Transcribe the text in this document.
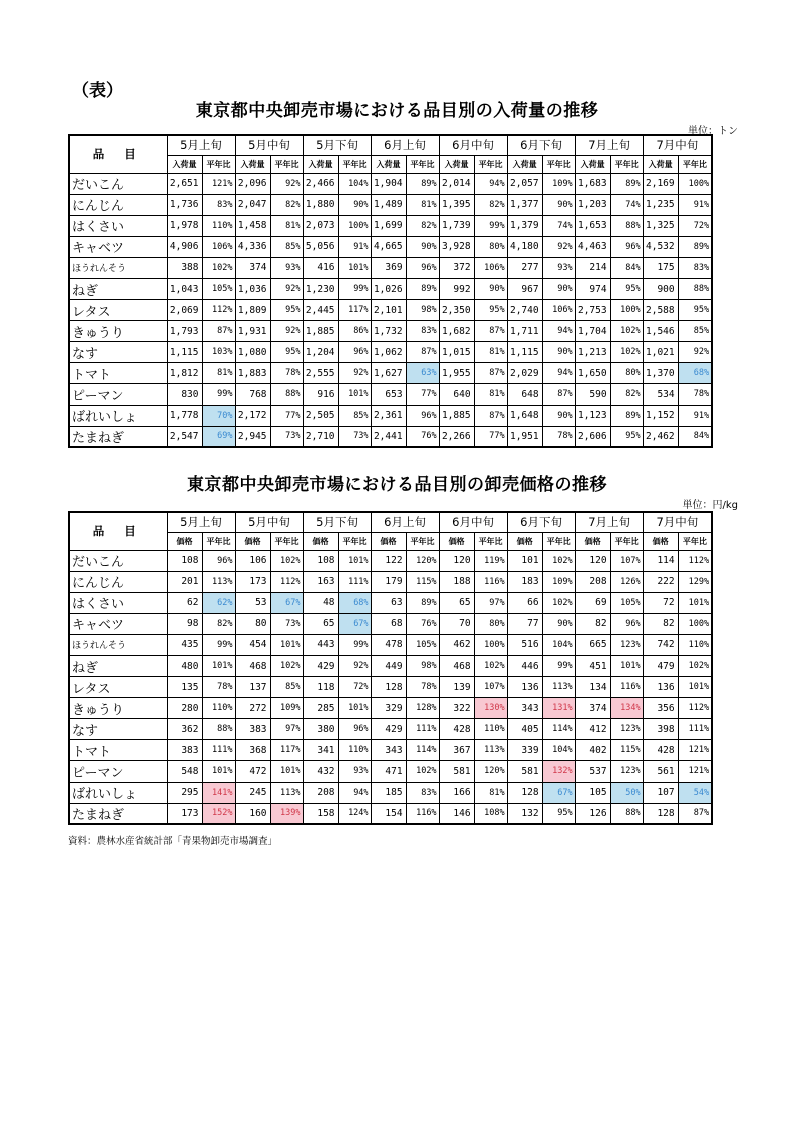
（表）
東京都中央卸売市場における品目別の入荷量の推移
単位：トン
品 目	5月上旬		5月中旬		5月下旬		6月上旬		6月中旬		6月下旬		7月上旬		7月中旬	
	入荷量	平年比	入荷量	平年比	入荷量	平年比	入荷量	平年比	入荷量	平年比	入荷量	平年比	入荷量	平年比	入荷量	平年比
だいこん	2,651	121%	2,096	92%	2,466	104%	1,904	89%	2,014	94%	2,057	109%	1,683	89%	2,169	100%
にんじん	1,736	83%	2,047	82%	1,880	90%	1,489	81%	1,395	82%	1,377	90%	1,203	74%	1,235	91%
はくさい	1,978	110%	1,458	81%	2,073	100%	1,699	82%	1,739	99%	1,379	74%	1,653	88%	1,325	72%
キャベツ	4,906	106%	4,336	85%	5,056	91%	4,665	90%	3,928	80%	4,180	92%	4,463	96%	4,532	89%
ほうれんそう	388	102%	374	93%	416	101%	369	96%	372	106%	277	93%	214	84%	175	83%
ねぎ	1,043	105%	1,036	92%	1,230	99%	1,026	89%	992	90%	967	90%	974	95%	900	88%
レタス	2,069	112%	1,809	95%	2,445	117%	2,101	98%	2,350	95%	2,740	106%	2,753	100%	2,588	95%
きゅうり	1,793	87%	1,931	92%	1,885	86%	1,732	83%	1,682	87%	1,711	94%	1,704	102%	1,546	85%
なす	1,115	103%	1,080	95%	1,204	96%	1,062	87%	1,015	81%	1,115	90%	1,213	102%	1,021	92%
トマト	1,812	81%	1,883	78%	2,555	92%	1,627	63%	1,955	87%	2,029	94%	1,650	80%	1,370	68%
ピーマン	830	99%	768	88%	916	101%	653	77%	640	81%	648	87%	590	82%	534	78%
ばれいしょ	1,778	70%	2,172	77%	2,505	85%	2,361	96%	1,885	87%	1,648	90%	1,123	89%	1,152	91%
たまねぎ	2,547	69%	2,945	73%	2,710	73%	2,441	76%	2,266	77%	1,951	78%	2,606	95%	2,462	84%
東京都中央卸売市場における品目別の卸売価格の推移
単位：円/kg
品 目	5月上旬		5月中旬		5月下旬		6月上旬		6月中旬		6月下旬		7月上旬		7月中旬	
	価格	平年比	価格	平年比	価格	平年比	価格	平年比	価格	平年比	価格	平年比	価格	平年比	価格	平年比
だいこん	108	96%	106	102%	108	101%	122	120%	120	119%	101	102%	120	107%	114	112%
にんじん	201	113%	173	112%	163	111%	179	115%	188	116%	183	109%	208	126%	222	129%
はくさい	62	62%	53	67%	48	68%	63	89%	65	97%	66	102%	69	105%	72	101%
キャベツ	98	82%	80	73%	65	67%	68	76%	70	80%	77	90%	82	96%	82	100%
ほうれんそう	435	99%	454	101%	443	99%	478	105%	462	100%	516	104%	665	123%	742	110%
ねぎ	480	101%	468	102%	429	92%	449	98%	468	102%	446	99%	451	101%	479	102%
レタス	135	78%	137	85%	118	72%	128	78%	139	107%	136	113%	134	116%	136	101%
きゅうり	280	110%	272	109%	285	101%	329	128%	322	130%	343	131%	374	134%	356	112%
なす	362	88%	383	97%	380	96%	429	111%	428	110%	405	114%	412	123%	398	111%
トマト	383	111%	368	117%	341	110%	343	114%	367	113%	339	104%	402	115%	428	121%
ピーマン	548	101%	472	101%	432	93%	471	102%	581	120%	581	132%	537	123%	561	121%
ばれいしょ	295	141%	245	113%	208	94%	185	83%	166	81%	128	67%	105	50%	107	54%
たまねぎ	173	152%	160	139%	158	124%	154	116%	146	108%	132	95%	126	88%	128	87%
資料：農林水産省統計部「青果物卸売市場調査」
